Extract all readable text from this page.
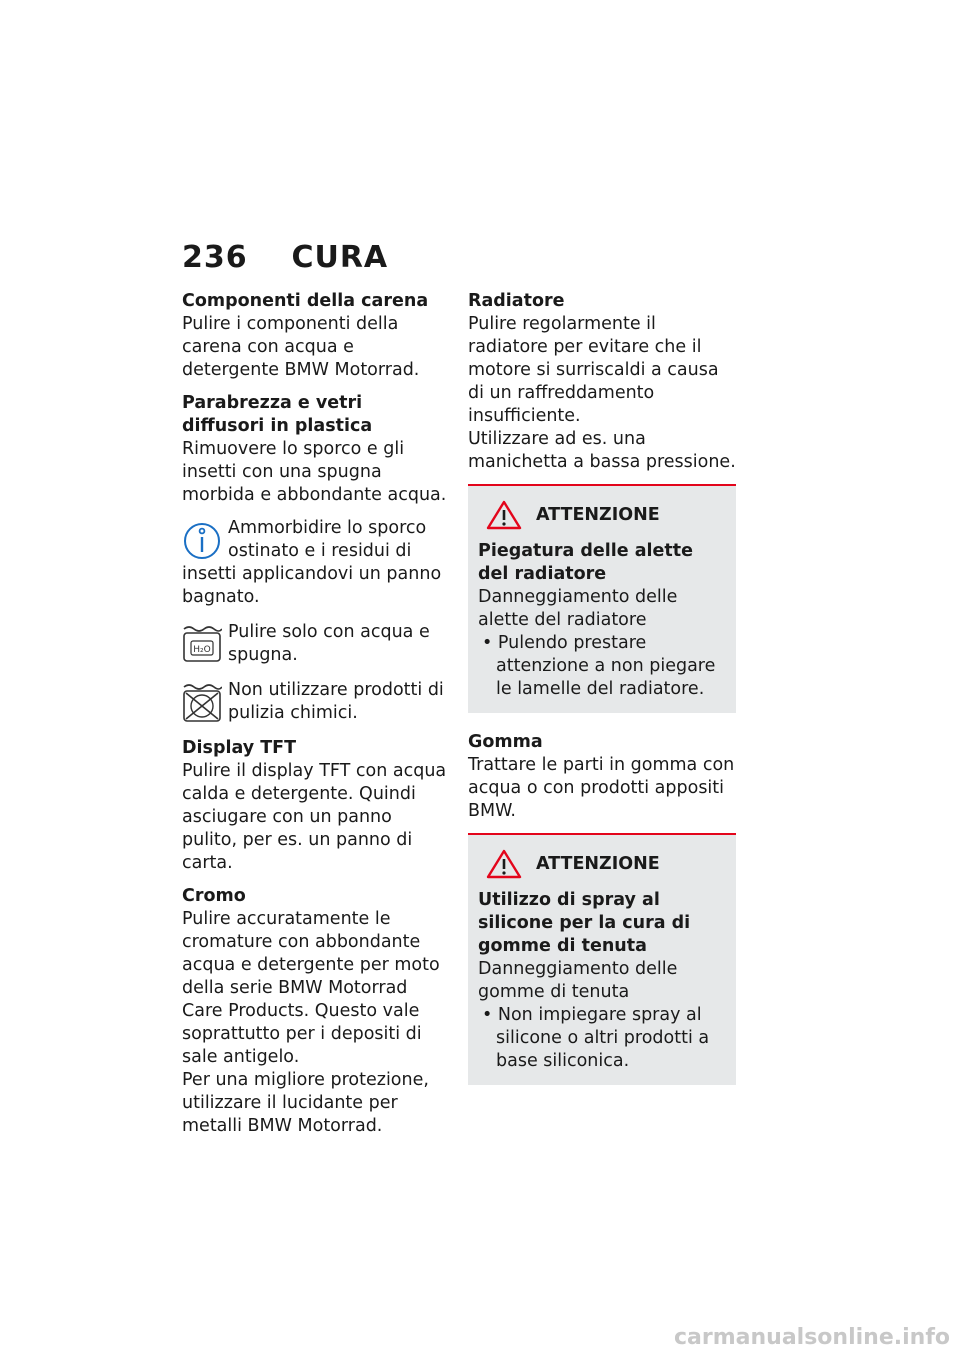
236 CURA
Componenti della carena

Pulire i componenti della carena con acqua e detergente BMW Motorrad.

Parabrezza e vetri diffusori in plastica

Rimuovere lo sporco e gli insetti con una spugna morbida e abbondante acqua.

Ammorbidire lo sporco ostinato e i residui di insetti applicandovi un panno bagnato.
H₂O
Pulire solo con acqua e spugna.
Non utilizzare prodotti di pulizia chimici.
Display TFT

Pulire il display TFT con acqua calda e detergente. Quindi asciugare con un panno pulito, per es. un panno di carta.

Cromo

Pulire accuratamente le cromature con abbondante acqua e detergente per moto della serie BMW Motorrad Care Products. Questo vale soprattutto per i depositi di sale antigelo.

Per una migliore protezione, utilizzare il lucidante per metalli BMW Motorrad.

Radiatore

Pulire regolarmente il radiatore per evitare che il motore si surriscaldi a causa di un raffreddamento insufficiente.

Utilizzare ad es. una manichetta a bassa pressione.

ATTENZIONE
Piegatura delle alette del radiatore

Danneggiamento delle alette del radiatore

• Pulendo prestare attenzione a non piegare le lamelle del radiatore.

Gomma

Trattare le parti in gomma con acqua o con prodotti appositi BMW.

ATTENZIONE
Utilizzo di spray al silicone per la cura di gomme di tenuta

Danneggiamento delle gomme di tenuta

• Non impiegare spray al silicone o altri prodotti a base siliconica.

carmanualsonline.info
